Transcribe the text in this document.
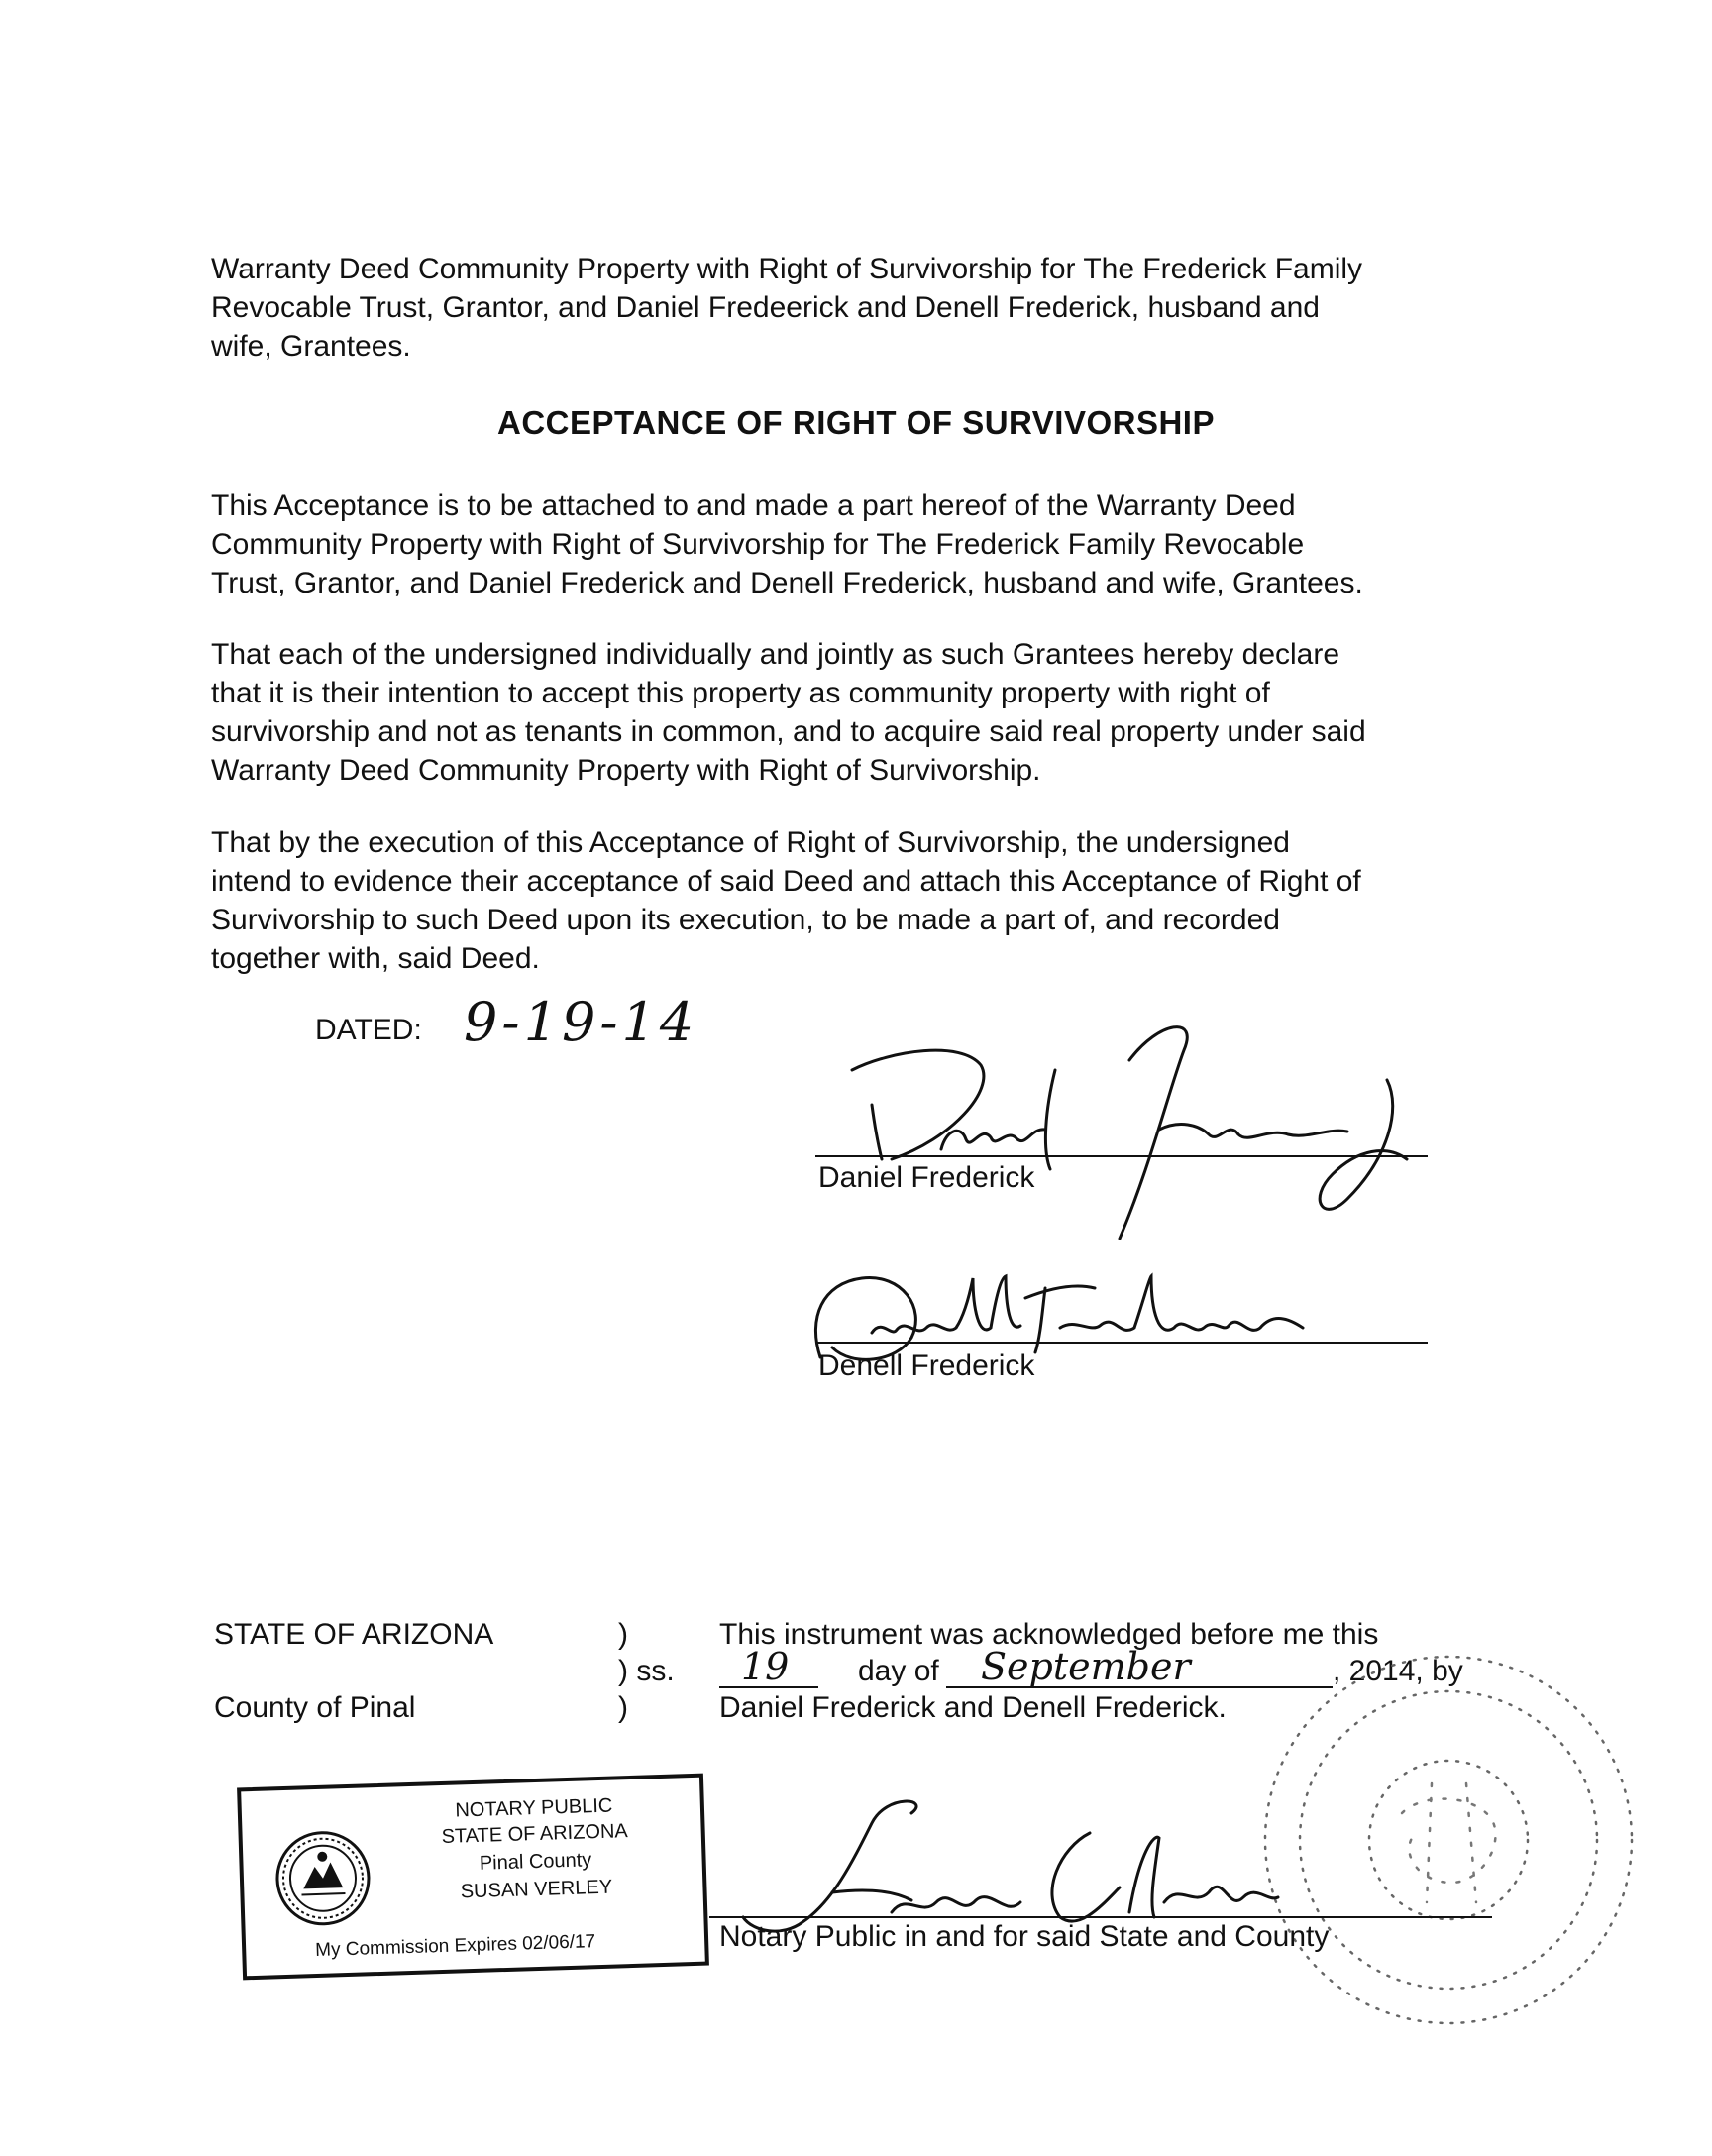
Warranty Deed Community Property with Right of Survivorship for The Frederick Family
Revocable Trust, Grantor, and Daniel Fredeerick and Denell Frederick, husband and
wife, Grantees.

ACCEPTANCE OF RIGHT OF SURVIVORSHIP

This Acceptance is to be attached to and made a part hereof of the Warranty Deed
Community Property with Right of Survivorship for The Frederick Family Revocable
Trust, Grantor, and Daniel Frederick and Denell Frederick, husband and wife, Grantees.

That each of the undersigned individually and jointly as such Grantees hereby declare
that it is their intention to accept this property as community property with right of
survivorship and not as tenants in common, and to acquire said real property under said
Warranty Deed Community Property with Right of Survivorship.

That by the execution of this Acceptance of Right of Survivorship, the undersigned
intend to evidence their acceptance of said Deed and attach this Acceptance of Right of
Survivorship to such Deed upon its execution, to be made a part of, and recorded
together with, said Deed.

DATED: 9-19-14
Daniel Frederick
Denell Frederick
STATE OF ARIZONA
County of Pinal
)
) ss.
)
This instrument was acknowledged before me this
19 day of September	, 2014, by
Daniel Frederick and Denell Frederick.
Notary Public in and for said State and County
NOTARY PUBLIC
STATE OF ARIZONA
Pinal County
SUSAN VERLEY
My Commission Expires 02/06/17
